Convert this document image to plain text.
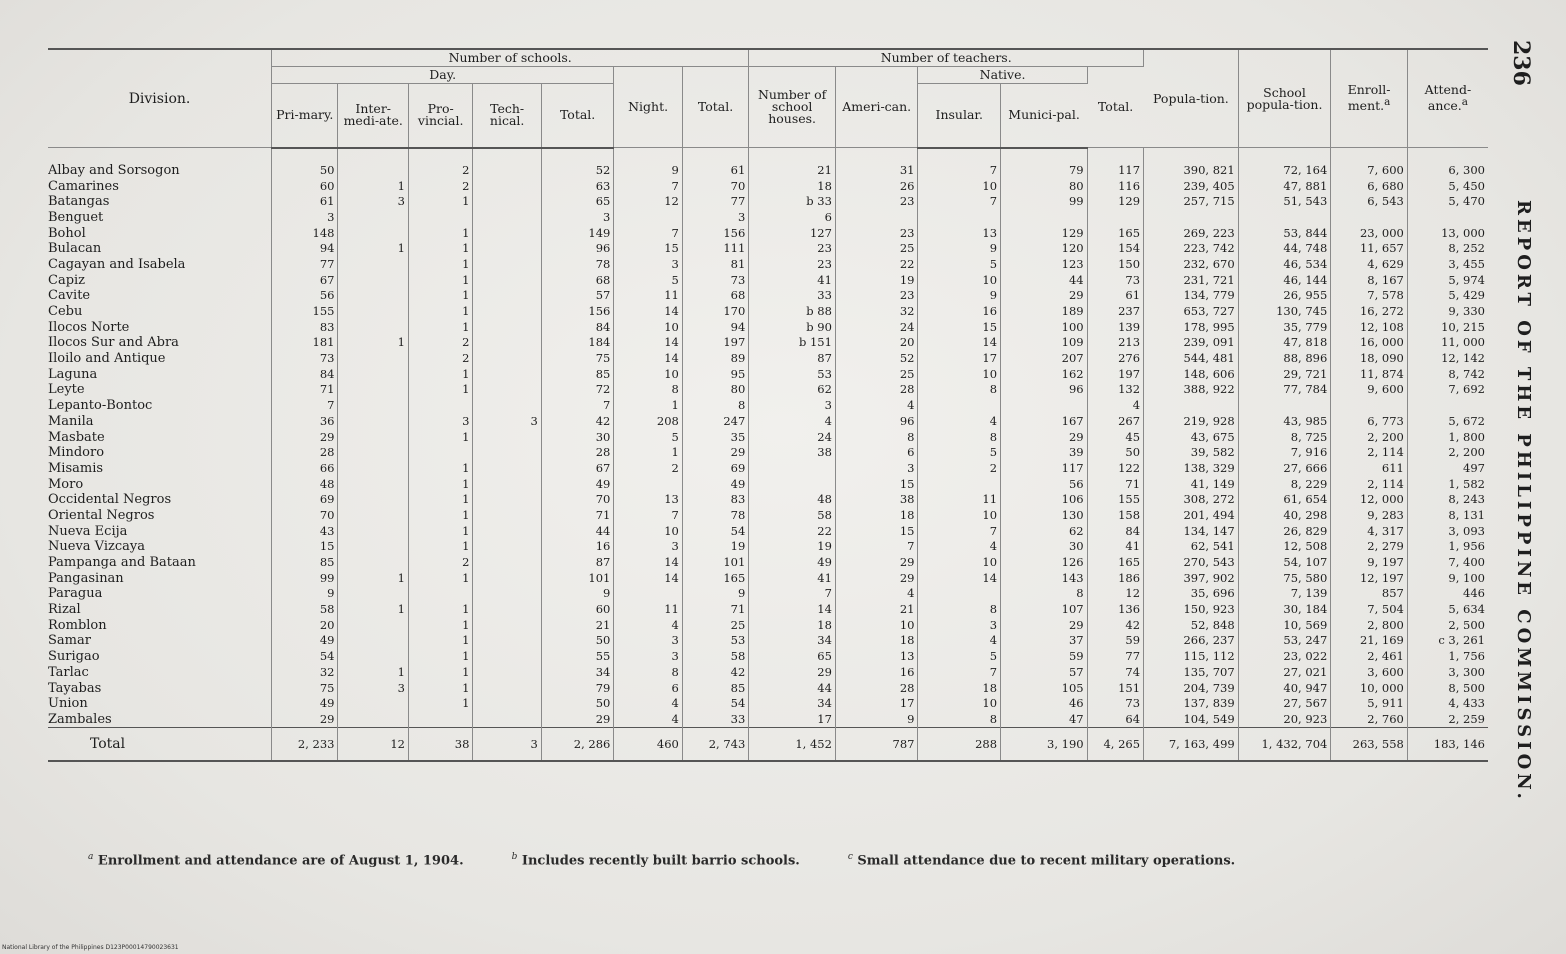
Division.	Number of schools.							Number of teachers.					Popula-tion.	School popula-tion.	Enroll-ment.$^a$	Attend-ance.$^a$
	Day.					Night.	Total.	Number of school houses.	Ameri-can.	Native.		Total.				
	Pri-mary.	Inter-medi-ate.	Pro-vincial.	Tech-nical.	Total.					Insular.	Munici-pal.					
Albay and Sorsogon	50		2		52	9	61	21	31	7	79	117	390, 821	72, 164	7, 600	6, 300
Camarines	60	1	2		63	7	70	18	26	10	80	116	239, 405	47, 881	6, 680	5, 450
Batangas	61	3	1		65	12	77	b 33	23	7	99	129	257, 715	51, 543	6, 543	5, 470
Benguet	3				3		3	6								
Bohol	148		1		149	7	156	127	23	13	129	165	269, 223	53, 844	23, 000	13, 000
Bulacan	94	1	1		96	15	111	23	25	9	120	154	223, 742	44, 748	11, 657	8, 252
Cagayan and Isabela	77		1		78	3	81	23	22	5	123	150	232, 670	46, 534	4, 629	3, 455
Capiz	67		1		68	5	73	41	19	10	44	73	231, 721	46, 144	8, 167	5, 974
Cavite	56		1		57	11	68	33	23	9	29	61	134, 779	26, 955	7, 578	5, 429
Cebu	155		1		156	14	170	b 88	32	16	189	237	653, 727	130, 745	16, 272	9, 330
Ilocos Norte	83		1		84	10	94	b 90	24	15	100	139	178, 995	35, 779	12, 108	10, 215
Ilocos Sur and Abra	181	1	2		184	14	197	b 151	20	14	109	213	239, 091	47, 818	16, 000	11, 000
Iloilo and Antique	73		2		75	14	89	87	52	17	207	276	544, 481	88, 896	18, 090	12, 142
Laguna	84		1		85	10	95	53	25	10	162	197	148, 606	29, 721	11, 874	8, 742
Leyte	71		1		72	8	80	62	28	8	96	132	388, 922	77, 784	9, 600	7, 692
Lepanto-Bontoc	7				7	1	8	3	4			4				
Manila	36		3	3	42	208	247	4	96	4	167	267	219, 928	43, 985	6, 773	5, 672
Masbate	29		1		30	5	35	24	8	8	29	45	43, 675	8, 725	2, 200	1, 800
Mindoro	28				28	1	29	38	6	5	39	50	39, 582	7, 916	2, 114	2, 200
Misamis	66		1		67	2	69		3	2	117	122	138, 329	27, 666	611	497
Moro	48		1		49		49		15		56	71	41, 149	8, 229	2, 114	1, 582
Occidental Negros	69		1		70	13	83	48	38	11	106	155	308, 272	61, 654	12, 000	8, 243
Oriental Negros	70		1		71	7	78	58	18	10	130	158	201, 494	40, 298	9, 283	8, 131
Nueva Ecija	43		1		44	10	54	22	15	7	62	84	134, 147	26, 829	4, 317	3, 093
Nueva Vizcaya	15		1		16	3	19	19	7	4	30	41	62, 541	12, 508	2, 279	1, 956
Pampanga and Bataan	85		2		87	14	101	49	29	10	126	165	270, 543	54, 107	9, 197	7, 400
Pangasinan	99	1	1		101	14	165	41	29	14	143	186	397, 902	75, 580	12, 197	9, 100
Paragua	9				9		9	7	4		8	12	35, 696	7, 139	857	446
Rizal	58	1	1		60	11	71	14	21	8	107	136	150, 923	30, 184	7, 504	5, 634
Romblon	20		1		21	4	25	18	10	3	29	42	52, 848	10, 569	2, 800	2, 500
Samar	49		1		50	3	53	34	18	4	37	59	266, 237	53, 247	21, 169	c 3, 261
Surigao	54		1		55	3	58	65	13	5	59	77	115, 112	23, 022	2, 461	1, 756
Tarlac	32	1	1		34	8	42	29	16	7	57	74	135, 707	27, 021	3, 600	3, 300
Tayabas	75	3	1		79	6	85	44	28	18	105	151	204, 739	40, 947	10, 000	8, 500
Union	49		1		50	4	54	34	17	10	46	73	137, 839	27, 567	5, 911	4, 433
Zambales	29				29	4	33	17	9	8	47	64	104, 549	20, 923	2, 760	2, 259
Total	2, 233	12	38	3	2, 286	460	2, 743	1, 452	787	288	3, 190	4, 265	7, 163, 499	1, 432, 704	263, 558	183, 146
$^a$ Enrollment and attendance are of August 1, 1904.	$^b$ Includes recently built barrio schools.	$^c$ Small attendance due to recent military operations.
236
REPORT OF THE PHILIPPINE COMMISSION.
National Library of the Philippines D123P00014790023631
